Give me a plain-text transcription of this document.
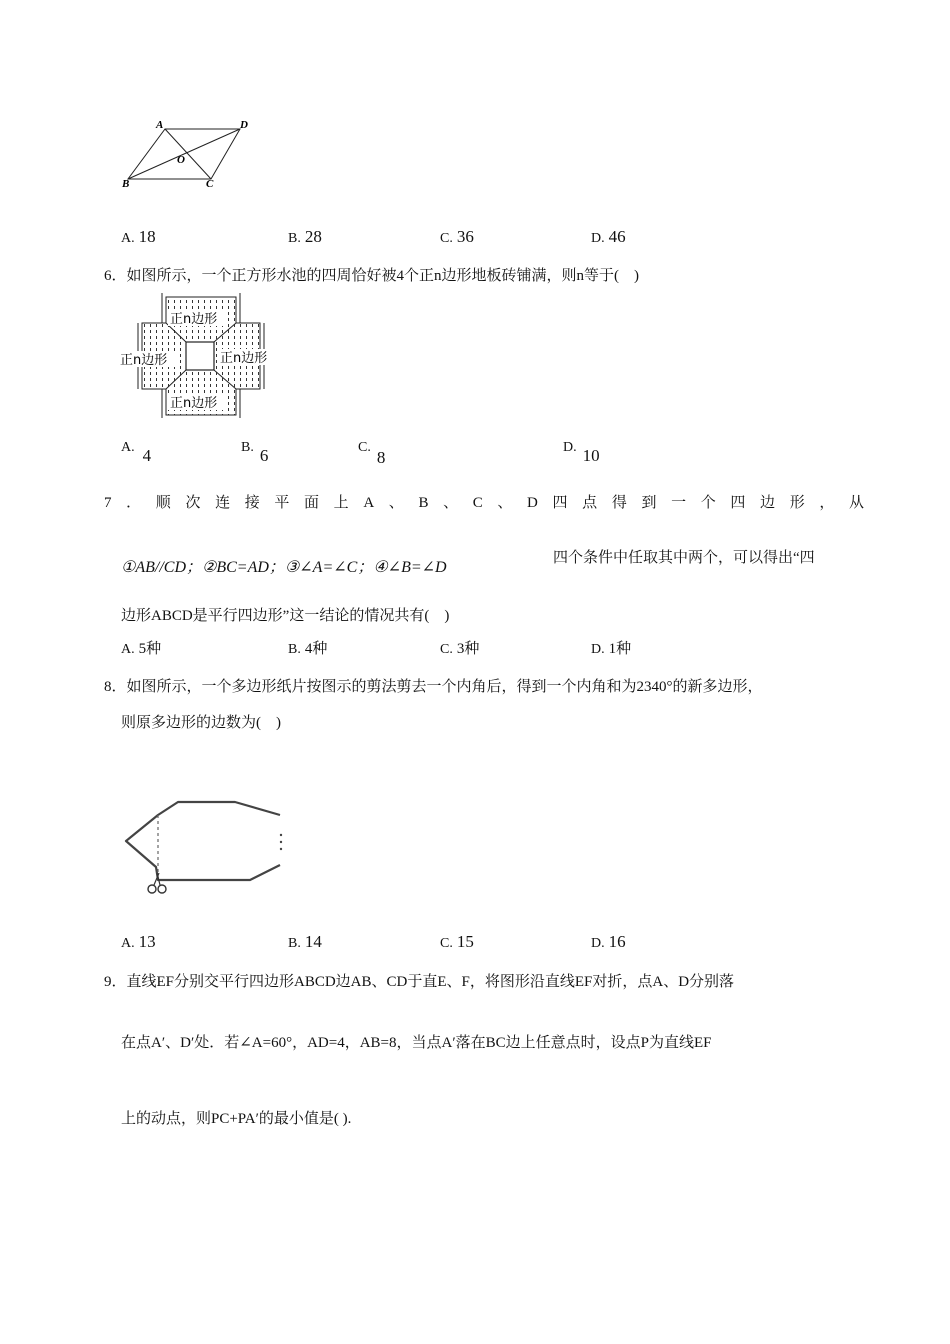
A	D
O
B	C
A. 18	B. 28	C. 36	D. 46
6．如图所示，一个正方形水池的四周恰好被4个正n边形地板砖铺满，则n等于(　)
正n边形
正n边形	正n边形
正n边形
A. 4	B. 6	C.8
D. 10
7．顺次连接平面上A、B、C、D四点得到一个四边形，从
①AB//CD；②BC=AD；③∠A=∠C；④∠B=∠D
四个条件中任取其中两个，可以得出“四
边形ABCD是平行四边形”这一结论的情况共有(　)
A. 5种	B. 4种	C. 3种	D. 1种
8．如图所示，一个多边形纸片按图示的剪法剪去一个内角后，得到一个内角和为2340°的新多边形，
则原多边形的边数为(　)
A. 13	B. 14	C. 15	D. 16
9．直线EF分别交平行四边形ABCD边AB、CD于直E、F，将图形沿直线EF对折，点A、D分别落
在点A′、D′处．若∠A=60°，AD=4，AB=8，当点A′落在BC边上任意点时，设点P为直线EF
上的动点，则PC+PA′的最小值是( ).
